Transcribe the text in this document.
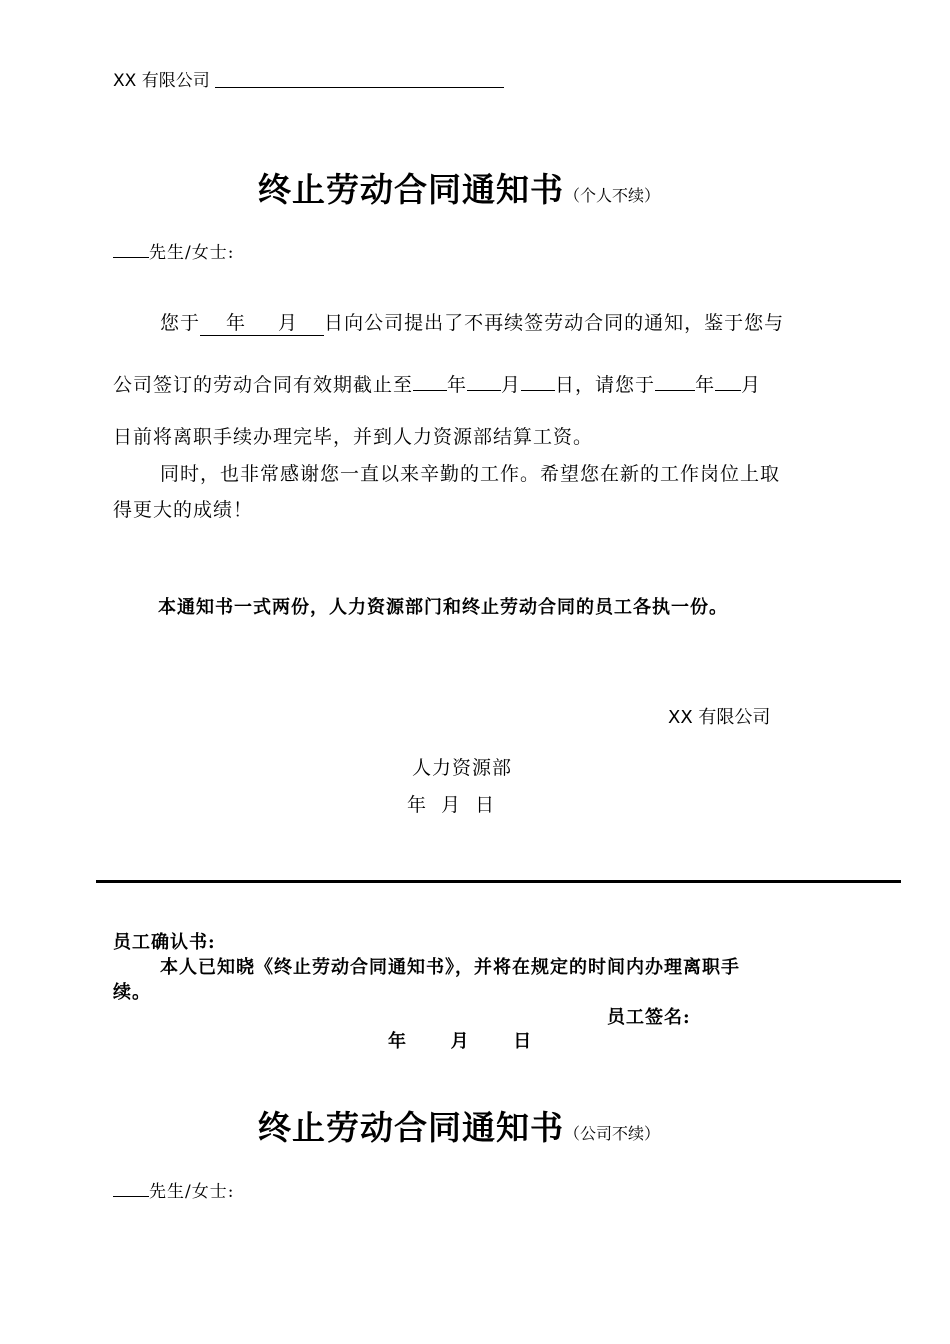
XX 有限公司
终止劳动合同通知书（个人不续）
先生/女士:
您于 年 月 日向公司提出了不再续签劳动合同的通知，鉴于您与
公司签订的劳动合同有效期截止至 年 月 日，请您于 年 月
日前将离职手续办理完毕，并到人力资源部结算工资。
同时，也非常感谢您一直以来辛勤的工作。希望您在新的工作岗位上取
得更大的成绩！
本通知书一式两份，人力资源部门和终止劳动合同的员工各执一份。
XX 有限公司
人力资源部
年  月  日
员工确认书:
本人已知晓《终止劳动合同通知书》，并将在规定的时间内办理离职手
续。
员工签名:
年      月      日
终止劳动合同通知书（公司不续）
先生/女士:
